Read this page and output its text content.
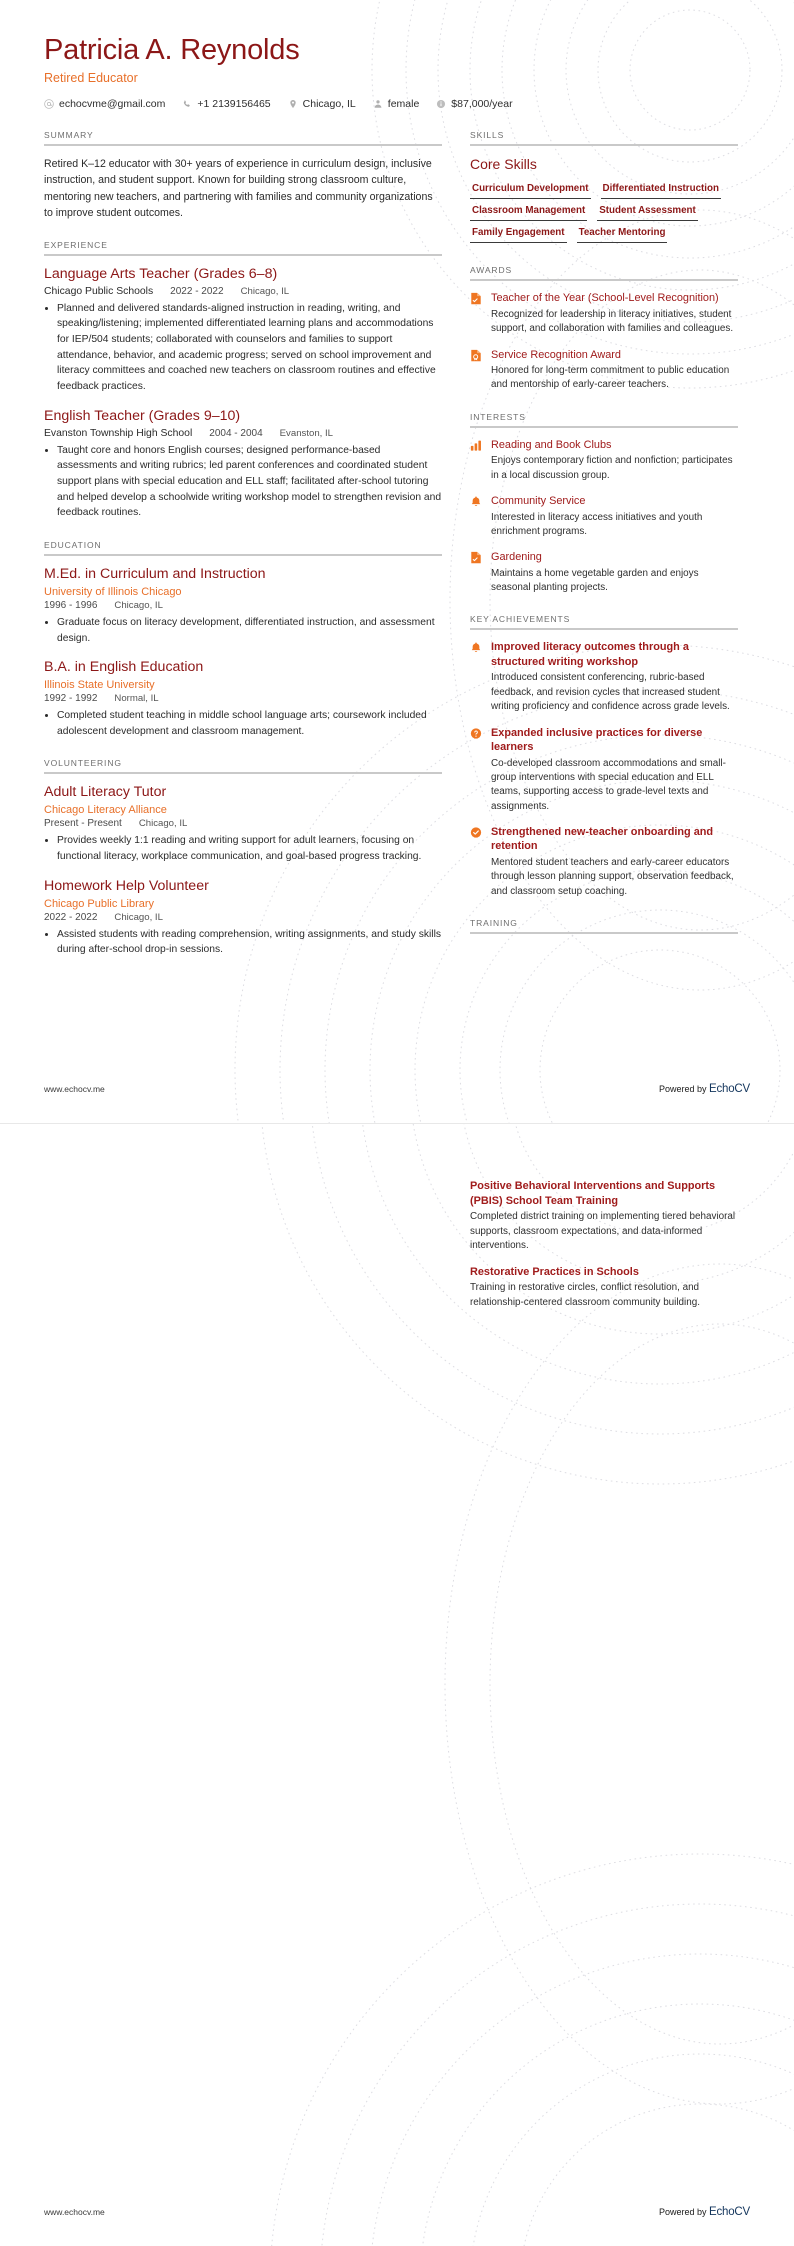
Patricia A. Reynolds
Retired Educator
echocvme@gmail.com	+1 2139156465	Chicago, IL	female	$87,000/year
SUMMARY

Retired K–12 educator with 30+ years of experience in curriculum design, inclusive instruction, and student support. Known for building strong classroom culture, mentoring new teachers, and partnering with families and community organizations to improve student outcomes.

EXPERIENCE
Language Arts Teacher (Grades 6–8)
Chicago Public Schools 2022 - 2022 Chicago, IL
• Planned and delivered standards-aligned instruction in reading, writing, and speaking/listening; implemented differentiated learning plans and accommodations for IEP/504 students; collaborated with counselors and families to support attendance, behavior, and academic progress; served on school improvement and literacy committees and coached new teachers on classroom routines and effective feedback practices.
English Teacher (Grades 9–10)
Evanston Township High School 2004 - 2004 Evanston, IL
• Taught core and honors English courses; designed performance-based assessments and writing rubrics; led parent conferences and coordinated student support plans with special education and ELL staff; facilitated after-school tutoring and helped develop a schoolwide writing workshop model to strengthen revision and feedback routines.
EDUCATION
M.Ed. in Curriculum and Instruction
University of Illinois Chicago
1996 - 1996 Chicago, IL
• Graduate focus on literacy development, differentiated instruction, and assessment design.
B.A. in English Education
Illinois State University
1992 - 1992 Normal, IL
• Completed student teaching in middle school language arts; coursework included adolescent development and classroom management.
VOLUNTEERING
Adult Literacy Tutor
Chicago Literacy Alliance
Present - Present Chicago, IL
• Provides weekly 1:1 reading and writing support for adult learners, focusing on functional literacy, workplace communication, and goal-based progress tracking.
Homework Help Volunteer
Chicago Public Library
2022 - 2022 Chicago, IL
• Assisted students with reading comprehension, writing assignments, and study skills during after-school drop-in sessions.
SKILLS
Core Skills
Curriculum Development Differentiated Instruction
Classroom Management Student Assessment
Family Engagement Teacher Mentoring
AWARDS
Teacher of the Year (School-Level Recognition)
Recognized for leadership in literacy initiatives, student support, and collaboration with families and colleagues.
Service Recognition Award
Honored for long-term commitment to public education and mentorship of early-career teachers.
INTERESTS
Reading and Book Clubs
Enjoys contemporary fiction and nonfiction; participates in a local discussion group.
Community Service
Interested in literacy access initiatives and youth enrichment programs.
Gardening
Maintains a home vegetable garden and enjoys seasonal planting projects.
KEY ACHIEVEMENTS
Improved literacy outcomes through a structured writing workshop
Introduced consistent conferencing, rubric-based feedback, and revision cycles that increased student writing proficiency and confidence across grade levels.
Expanded inclusive practices for diverse learners
Co-developed classroom accommodations and small-group interventions with special education and ELL teams, supporting access to grade-level texts and assignments.
Strengthened new-teacher onboarding and retention
Mentored student teachers and early-career educators through lesson planning support, observation feedback, and classroom setup coaching.
TRAINING
www.echocv.me	Powered by EchoCV
Positive Behavioral Interventions and Supports (PBIS) School Team Training
Completed district training on implementing tiered behavioral supports, classroom expectations, and data-informed interventions.
Restorative Practices in Schools
Training in restorative circles, conflict resolution, and relationship-centered classroom community building.
www.echocv.me	Powered by EchoCV
